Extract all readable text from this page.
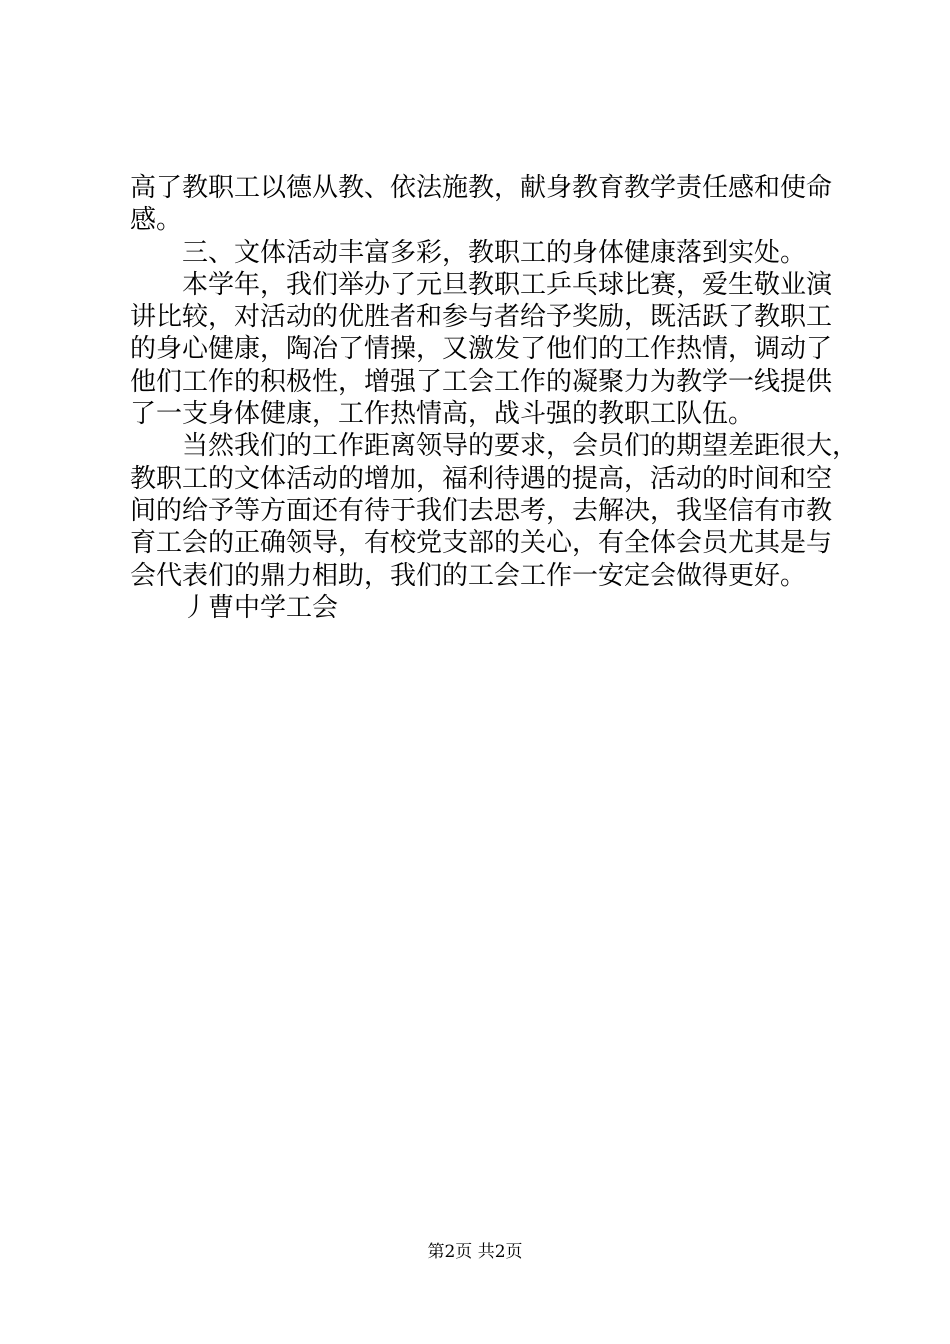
高了教职工以德从教、依法施教，献身教育教学责任感和使命
感。
三、文体活动丰富多彩，教职工的身体健康落到实处。
本学年，我们举办了元旦教职工乒乓球比赛，爱生敬业演
讲比较，对活动的优胜者和参与者给予奖励，既活跃了教职工
的身心健康，陶冶了情操，又激发了他们的工作热情，调动了
他们工作的积极性，增强了工会工作的凝聚力为教学一线提供
了一支身体健康，工作热情高，战斗强的教职工队伍。
当然我们的工作距离领导的要求，会员们的期望差距很大，
教职工的文体活动的增加，福利待遇的提高，活动的时间和空
间的给予等方面还有待于我们去思考，去解决，我坚信有市教
育工会的正确领导，有校党支部的关心，有全体会员尤其是与
会代表们的鼎力相助，我们的工会工作一安定会做得更好。
丿曹中学工会
第2页 共2页
